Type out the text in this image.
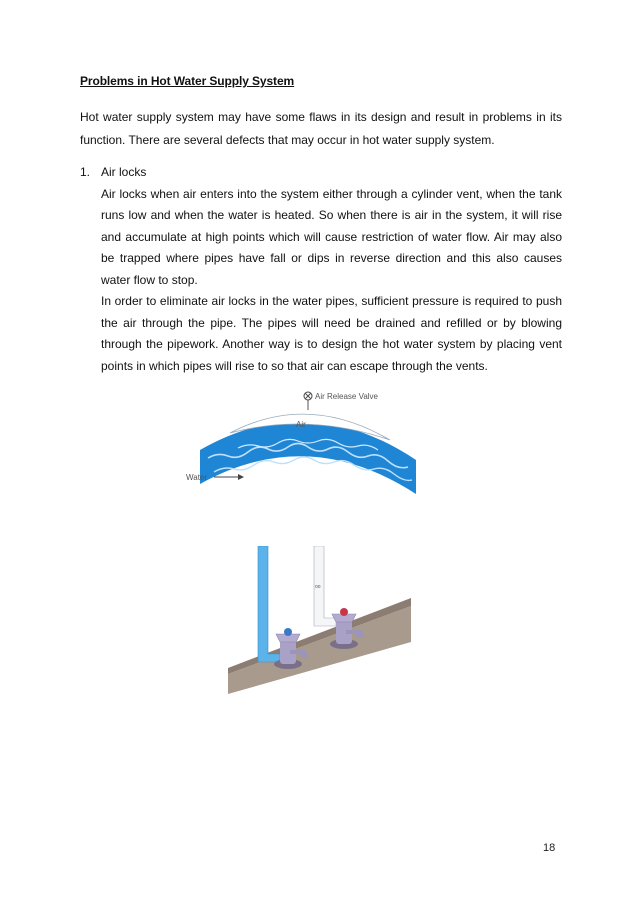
Problems in Hot Water Supply System
Hot water supply system may have some flaws in its design and result in problems in its function. There are several defects that may occur in hot water supply system.
1. Air locks

Air locks when air enters into the system either through a cylinder vent, when the tank runs low and when the water is heated. So when there is air in the system, it will rise and accumulate at high points which will cause restriction of water flow. Air may also be trapped where pipes have fall or dips in reverse direction and this also causes water flow to stop.

In order to eliminate air locks in the water pipes, sufficient pressure is required to push the air through the pipe. The pipes will need be drained and refilled or by blowing through the pipework. Another way is to design the hot water system by placing vent points in which pipes will rise to so that air can escape through the vents.

Air Release Valve
Air
Water
oo
18
